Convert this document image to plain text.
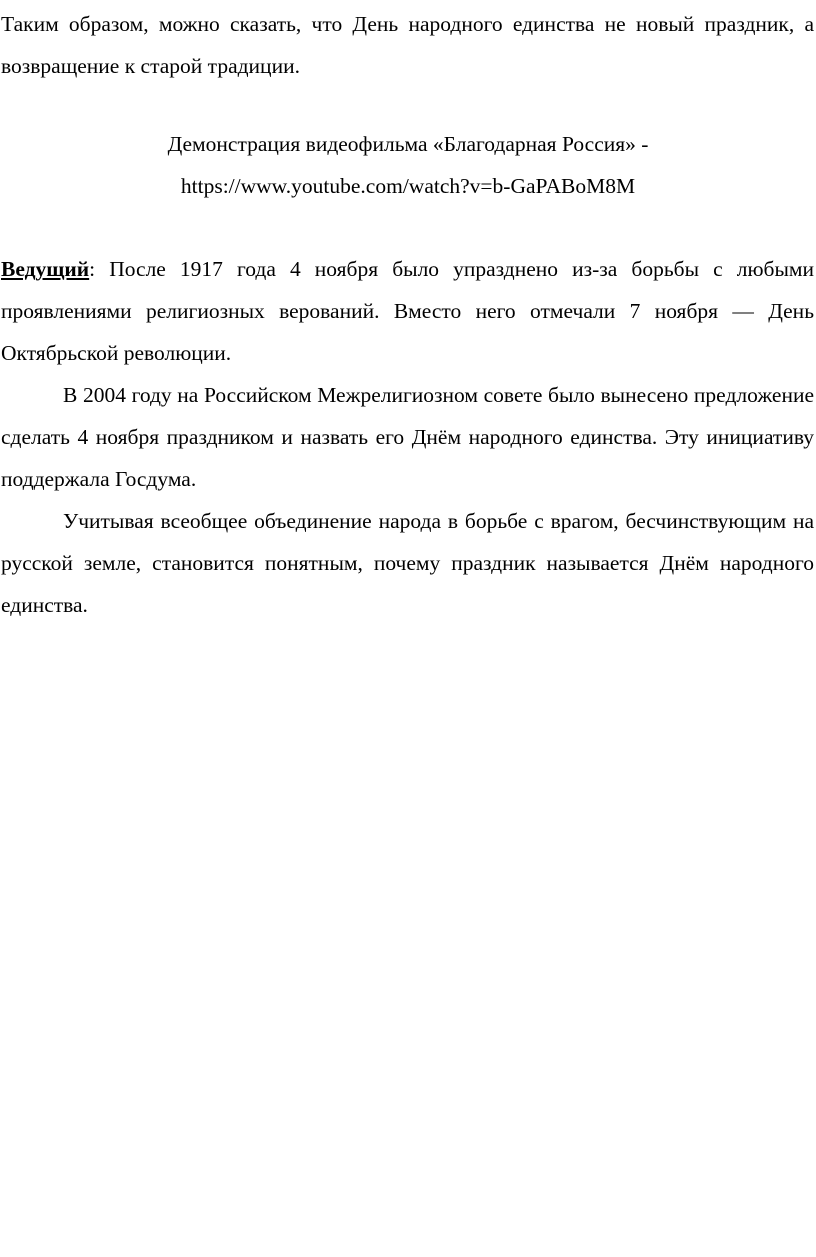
Таким образом, можно сказать, что День народного единства не новый праздник, а возвращение к старой традиции.

Демонстрация видеофильма «Благодарная Россия» -

https://www.youtube.com/watch?v=b-GaPABoM8M

Ведущий: После 1917 года 4 ноября было упразднено из-за борьбы с любыми проявлениями религиозных верований. Вместо него отмечали 7 ноября — День Октябрьской революции.

В 2004 году на Российском Межрелигиозном совете было вынесено предложение сделать 4 ноября праздником и назвать его Днём народного единства. Эту инициативу поддержала Госдума.

Учитывая всеобщее объединение народа в борьбе с врагом, бесчинствующим на русской земле, становится понятным, почему праздник называется Днём народного единства.
